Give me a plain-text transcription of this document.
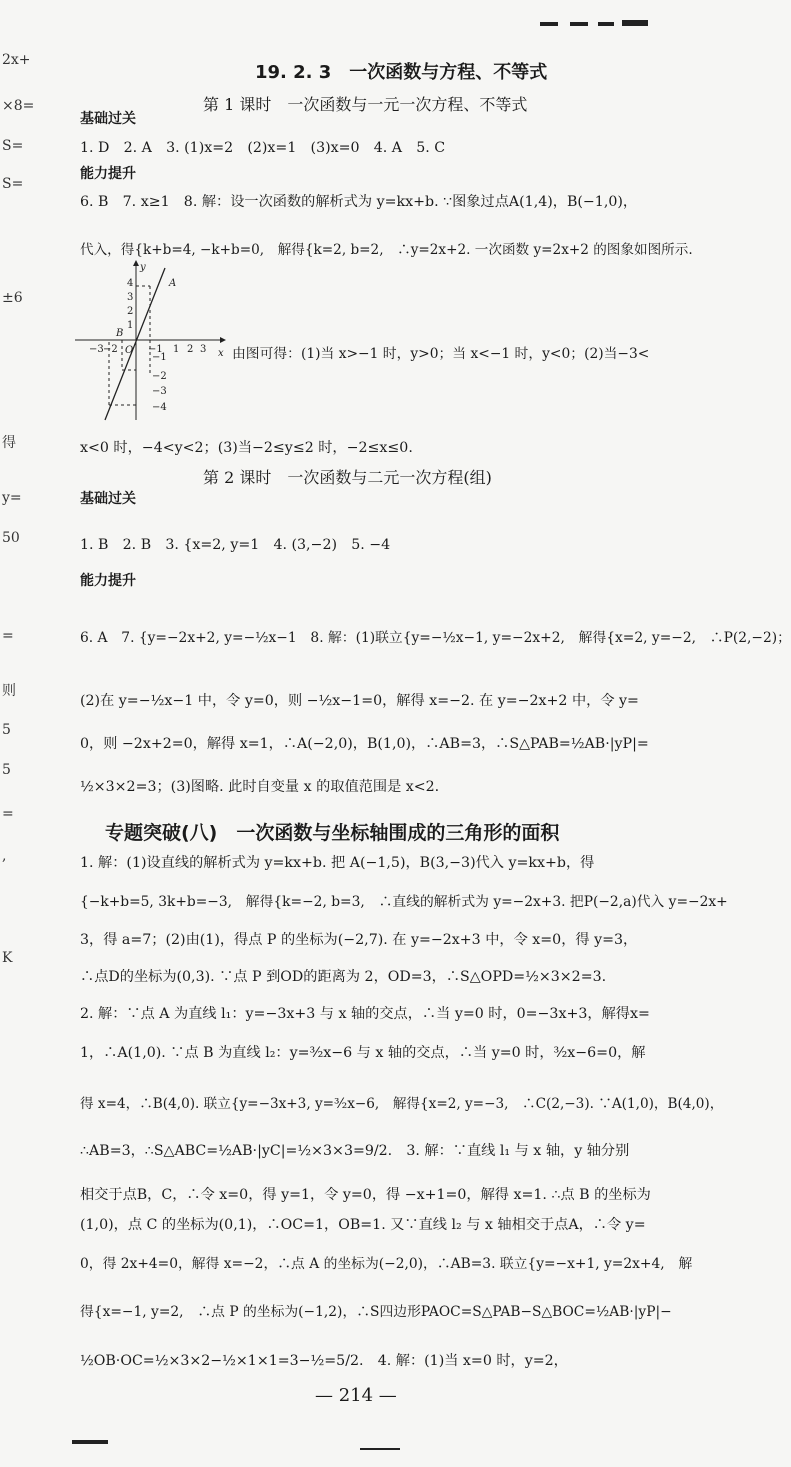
2x+
×8=
S=
S=
±6
得
y=
50
=
则
5
5
=
,
K
19. 2. 3　一次函数与方程、不等式
第 1 课时　一次函数与一元一次方程、不等式
基础过关
1. D　2. A　3. (1)x=2　(2)x=1　(3)x=0　4. A　5. C
能力提升
6. B　7. x≥1　8. 解：设一次函数的解析式为 y=kx+b. ∵图象过点A(1,4)，B(−1,0)，
代入，得{k+b=4, −k+b=0,　解得{k=2, b=2,　∴y=2x+2. 一次函数 y=2x+2 的图象如图所示.
x
y
A
B
O
−3 −2	−1 1 2 3
4
3
2
1
−1
−2
−3
−4
由图可得：(1)当 x>−1 时，y>0；当 x<−1 时，y<0；(2)当−3<
x<0 时，−4<y<2；(3)当−2≤y≤2 时，−2≤x≤0.
第 2 课时　一次函数与二元一次方程(组)
基础过关
1. B　2. B　3. {x=2, y=1　4. (3,−2)　5. −4
能力提升
6. A　7. {y=−2x+2, y=−½x−1　8. 解：(1)联立{y=−½x−1, y=−2x+2,　解得{x=2, y=−2,　∴P(2,−2)；
(2)在 y=−½x−1 中，令 y=0，则 −½x−1=0，解得 x=−2. 在 y=−2x+2 中，令 y=
0，则 −2x+2=0，解得 x=1，∴A(−2,0)，B(1,0)，∴AB=3，∴S△PAB=½AB·|yP|=
½×3×2=3；(3)图略. 此时自变量 x 的取值范围是 x<2.
专题突破(八)　一次函数与坐标轴围成的三角形的面积
1. 解：(1)设直线的解析式为 y=kx+b. 把 A(−1,5)，B(3,−3)代入 y=kx+b，得
{−k+b=5, 3k+b=−3,　解得{k=−2, b=3,　∴直线的解析式为 y=−2x+3. 把P(−2,a)代入 y=−2x+
3，得 a=7；(2)由(1)，得点 P 的坐标为(−2,7). 在 y=−2x+3 中，令 x=0，得 y=3，
∴点D的坐标为(0,3). ∵点 P 到OD的距离为 2，OD=3，∴S△OPD=½×3×2=3.
2. 解：∵点 A 为直线 l₁：y=−3x+3 与 x 轴的交点，∴当 y=0 时，0=−3x+3，解得x=
1，∴A(1,0). ∵点 B 为直线 l₂：y=³⁄₂x−6 与 x 轴的交点，∴当 y=0 时，³⁄₂x−6=0，解
得 x=4，∴B(4,0). 联立{y=−3x+3, y=³⁄₂x−6,　解得{x=2, y=−3,　∴C(2,−3). ∵A(1,0)，B(4,0)，
∴AB=3，∴S△ABC=½AB·|yC|=½×3×3=9/2.　3. 解：∵直线 l₁ 与 x 轴，y 轴分别
相交于点B，C，∴令 x=0，得 y=1，令 y=0，得 −x+1=0，解得 x=1. ∴点 B 的坐标为
(1,0)，点 C 的坐标为(0,1)，∴OC=1，OB=1. 又∵直线 l₂ 与 x 轴相交于点A，∴令 y=
0，得 2x+4=0，解得 x=−2，∴点 A 的坐标为(−2,0)，∴AB=3. 联立{y=−x+1, y=2x+4,　解
得{x=−1, y=2,　∴点 P 的坐标为(−1,2)，∴S四边形PAOC=S△PAB−S△BOC=½AB·|yP|−
½OB·OC=½×3×2−½×1×1=3−½=5/2.　4. 解：(1)当 x=0 时，y=2，
— 214 —
